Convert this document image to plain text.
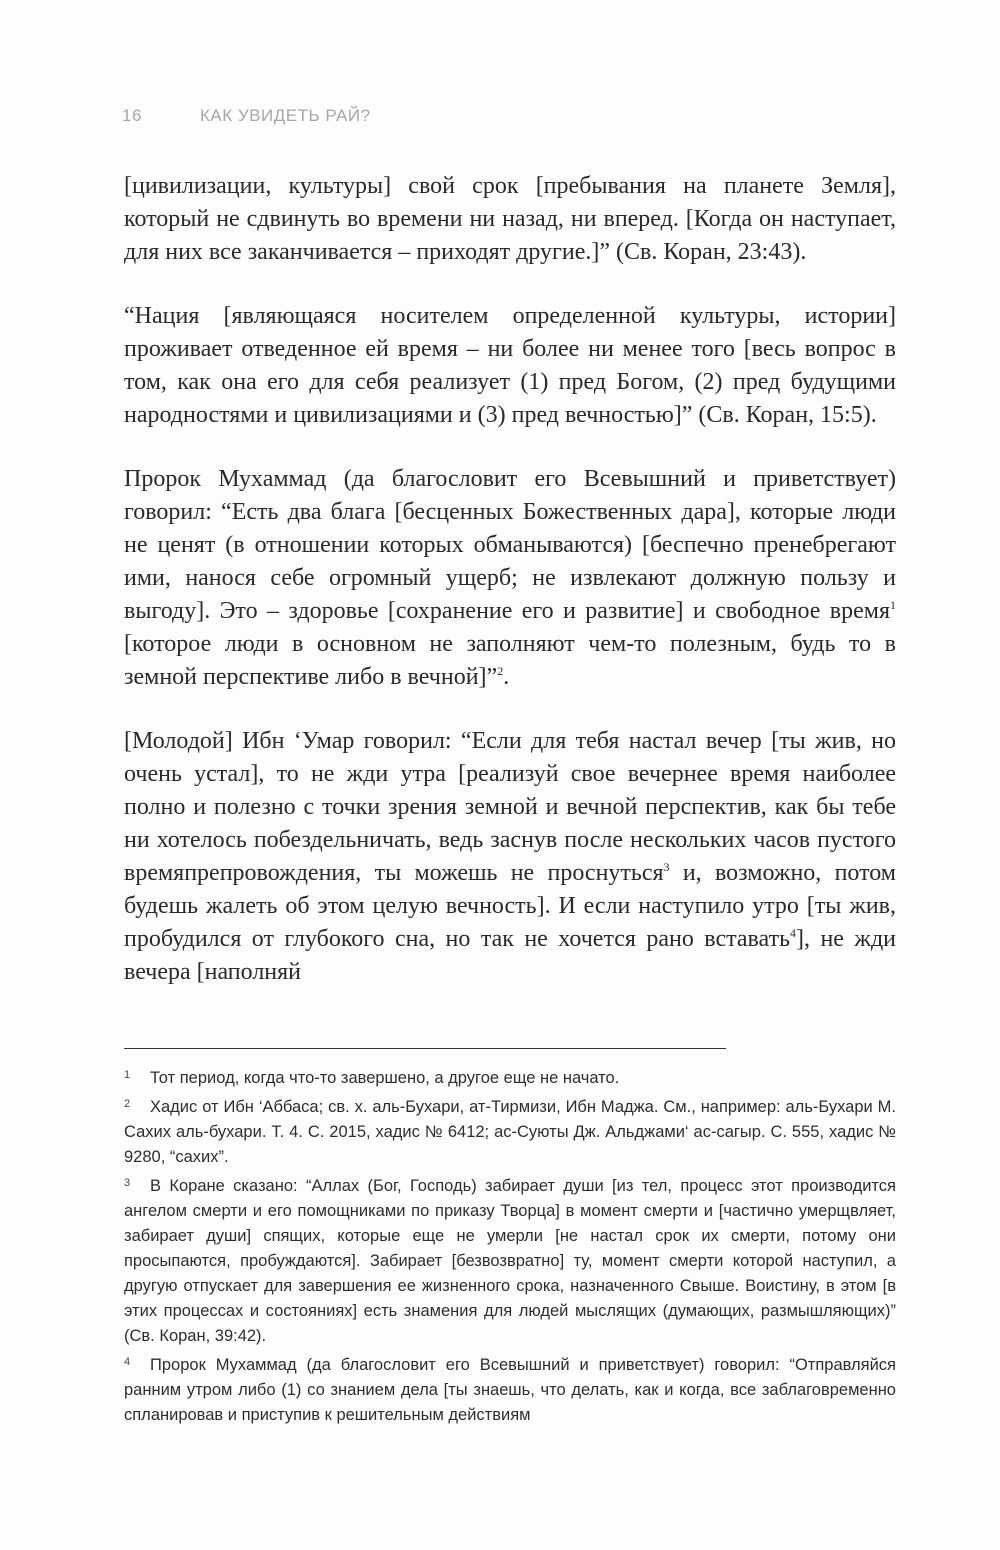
16	КАК УВИДЕТЬ РАЙ?

[цивилизации, культуры] свой срок [пребывания на планете Земля], который не сдвинуть во времени ни назад, ни вперед. [Когда он наступает, для них все заканчивается – приходят другие.]” (Св. Коран, 23:43).

“Нация [являющаяся носителем определенной культуры, истории] проживает отведенное ей время – ни более ни менее того [весь вопрос в том, как она его для себя реализует (1) пред Богом, (2) пред будущими народностями и цивилизациями и (3) пред вечностью]” (Св. Коран, 15:5).

Пророк Мухаммад (да благословит его Всевышний и приветствует) говорил: “Есть два блага [бесценных Божественных дара], которые люди не ценят (в отношении которых обманываются) [беспечно пренебрегают ими, нанося себе огромный ущерб; не извлекают должную пользу и выгоду]. Это – здоровье [сохранение его и развитие] и свободное время$^1$ [которое люди в основном не заполняют чем-то полезным, будь то в земной перспективе либо в вечной]”$^2$.

[Молодой] Ибн ‘Умар говорил: “Если для тебя настал вечер [ты жив, но очень устал], то не жди утра [реализуй свое вечернее время наиболее полно и полезно с точки зрения земной и вечной перспектив, как бы тебе ни хотелось побездельничать, ведь заснув после нескольких часов пустого времяпрепровождения, ты можешь не проснуться$^3$ и, возможно, потом будешь жалеть об этом целую вечность]. И если наступило утро [ты жив, пробудился от глубокого сна, но так не хочется рано вставать$^4$], не жди вечера [наполняй

1 Тот период, когда что-то завершено, а другое еще не начато.

2 Хадис от Ибн ‘Аббаса; св. х. аль-Бухари, ат-Тирмизи, Ибн Маджа. См., например: аль-Бухари М. Сахих аль-бухари. Т. 4. С. 2015, хадис № 6412; ас-Суюты Дж. Альджами‘ ас-сагыр. С. 555, хадис № 9280, “сахих”.

3 В Коране сказано: “Аллах (Бог, Господь) забирает души [из тел, процесс этот производится ангелом смерти и его помощниками по приказу Творца] в момент смерти и [частично умерщвляет, забирает души] спящих, которые еще не умерли [не настал срок их смерти, потому они просыпаются, пробуждаются]. Забирает [безвозвратно] ту, момент смерти которой наступил, а другую отпускает для завершения ее жизненного срока, назначенного Свыше. Воистину, в этом [в этих процессах и состояниях] есть знамения для людей мыслящих (думающих, размышляющих)” (Св. Коран, 39:42).

4 Пророк Мухаммад (да благословит его Всевышний и приветствует) говорил: “Отправляйся ранним утром либо (1) со знанием дела [ты знаешь, что делать, как и когда, все заблаговременно спланировав и приступив к решительным действиям
